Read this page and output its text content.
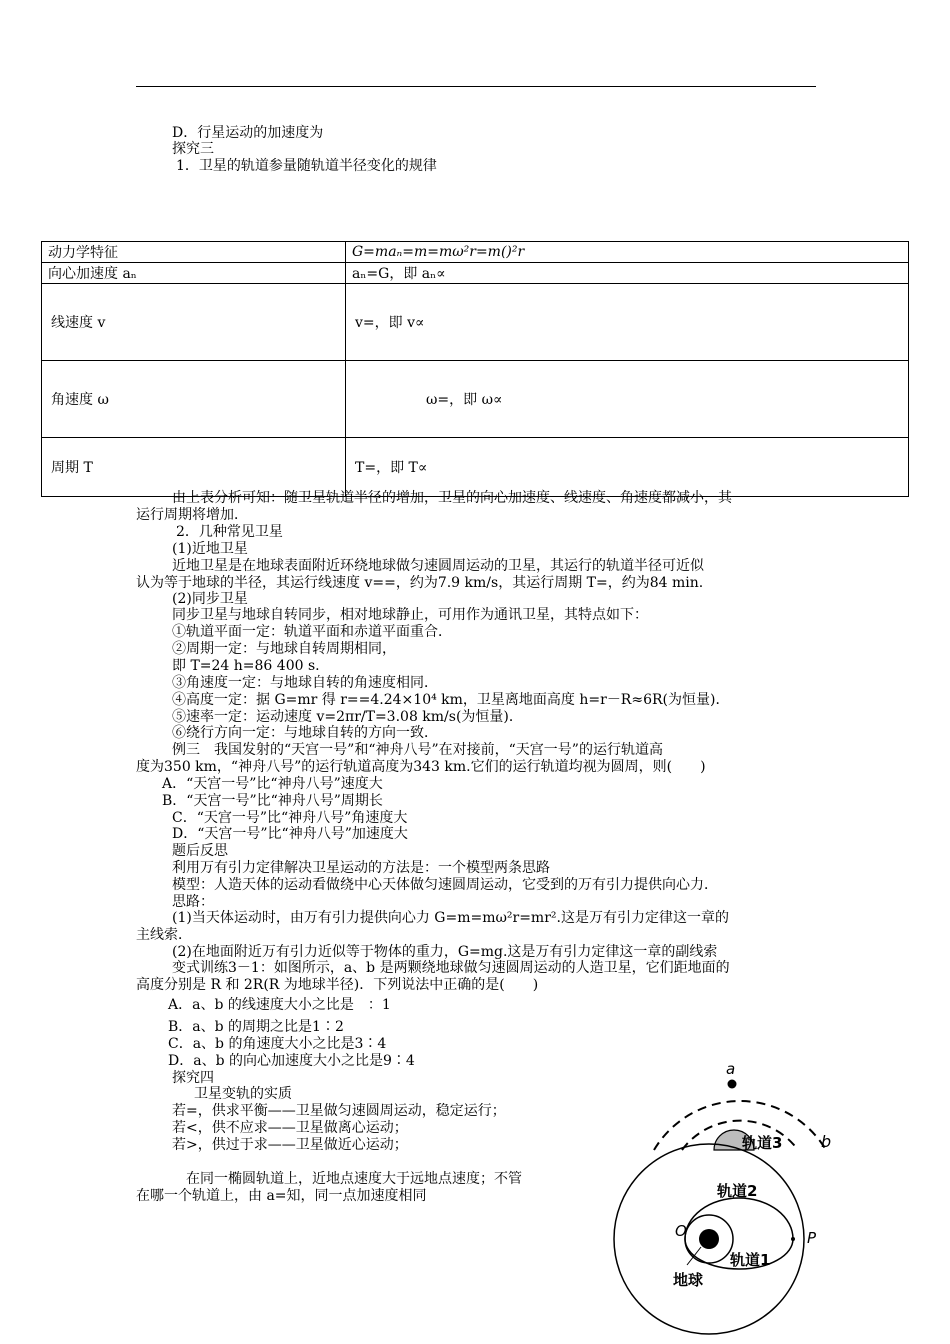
D．行星运动的加速度为
探究三
1．卫星的轨道参量随轨道半径变化的规律
动力学特征	G=maₙ=m=mω²r=m()²r
向心加速度 aₙ	aₙ=G，即 aₙ∝
线速度 v	v=，即 v∝
角速度 ω	ω=，即 ω∝
周期 T	T=，即 T∝
由上表分析可知：随卫星轨道半径的增加，卫星的向心加速度、线速度、角速度都减小，其
运行周期将增加．
2．几种常见卫星
(1)近地卫星
近地卫星是在地球表面附近环绕地球做匀速圆周运动的卫星，其运行的轨道半径可近似
认为等于地球的半径，其运行线速度 v==，约为7.9 km/s，其运行周期 T=，约为84 min.
(2)同步卫星
同步卫星与地球自转同步，相对地球静止，可用作为通讯卫星，其特点如下：
①轨道平面一定：轨道平面和赤道平面重合．
②周期一定：与地球自转周期相同，
即 T=24 h=86 400 s.
③角速度一定：与地球自转的角速度相同．
④高度一定：据 G=mr 得 r==4.24×10⁴ km，卫星离地面高度 h=r－R≈6R(为恒量)．
⑤速率一定：运动速度 v=2πr/T=3.08 km/s(为恒量)．
⑥绕行方向一定：与地球自转的方向一致．
例三　我国发射的“天宫一号”和“神舟八号”在对接前，“天宫一号”的运行轨道高
度为350 km，“神舟八号”的运行轨道高度为343 km.它们的运行轨道均视为圆周，则(　　)
A．“天宫一号”比“神舟八号”速度大
B．“天宫一号”比“神舟八号”周期长
C．“天宫一号”比“神舟八号”角速度大
D．“天宫一号”比“神舟八号”加速度大
题后反思
利用万有引力定律解决卫星运动的方法是：一个模型两条思路
模型：人造天体的运动看做绕中心天体做匀速圆周运动，它受到的万有引力提供向心力．
思路：
(1)当天体运动时，由万有引力提供向心力 G=m=mω²r=mr².这是万有引力定律这一章的
主线索．
(2)在地面附近万有引力近似等于物体的重力，G=mg.这是万有引力定律这一章的副线索
变式训练3－1：如图所示，a、b 是两颗绕地球做匀速圆周运动的人造卫星，它们距地面的
高度分别是 R 和 2R(R 为地球半径)．下列说法中正确的是(　　)
A．a、b 的线速度大小之比是　：1
B．a、b 的周期之比是1∶2
C．a、b 的角速度大小之比是3∶4
D．a、b 的向心加速度大小之比是9∶4
探究四
卫星变轨的实质
若=，供求平衡——卫星做匀速圆周运动，稳定运行；
若<，供不应求——卫星做离心运动；
若>，供过于求——卫星做近心运动；
在同一椭圆轨道上，近地点速度大于远地点速度；不管
在哪一个轨道上，由 a=知，同一点加速度相同
a
b
轨道3
轨道2
轨道1
O	P
地球
